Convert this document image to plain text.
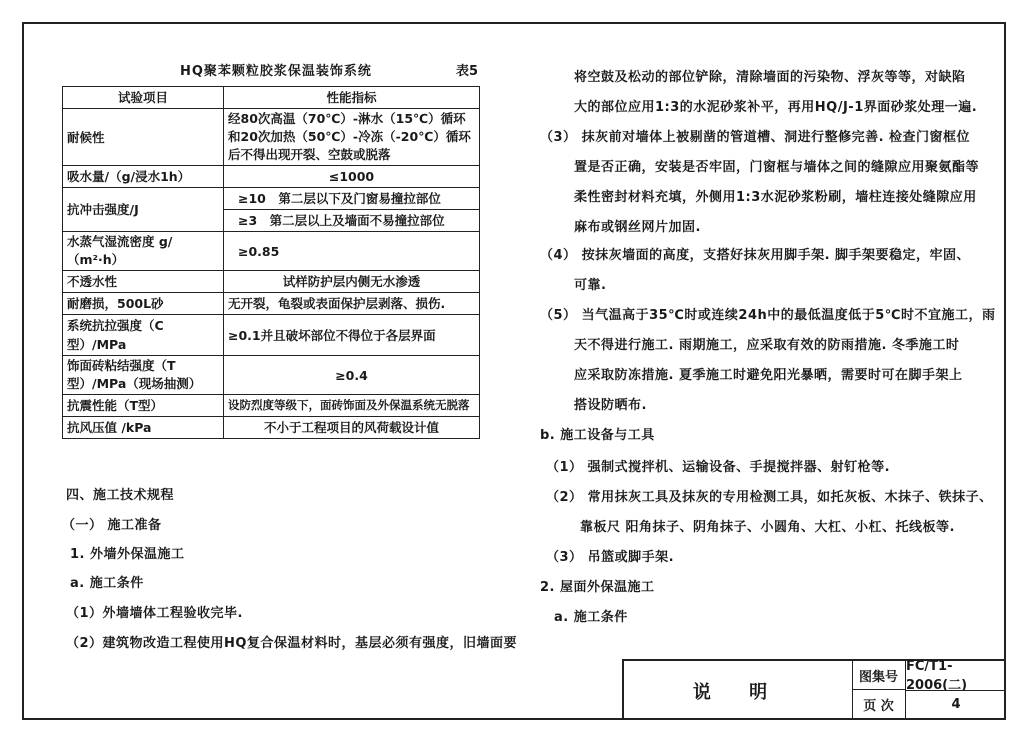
HQ聚苯颗粒胶浆保温装饰系统	表5
试验项目	性能指标
耐候性	经80次高温（70℃）-淋水（15℃）循环和20次加热（50℃）-冷冻（-20℃）循环后不得出现开裂、空鼓或脱落
吸水量/（g/浸水1h）	≤1000
抗冲击强度/J	≥10　第二层以下及门窗易撞拉部位
	≥3　第二层以上及墙面不易撞拉部位
水蒸气湿流密度 g/（m²·h）	≥0.85
不透水性	试样防护层内侧无水渗透
耐磨损，500L砂	无开裂，龟裂或表面保护层剥落、损伤.
系统抗拉强度（C型）/MPa	≥0.1并且破坏部位不得位于各层界面
饰面砖粘结强度（T型）/MPa（现场抽测）	≥0.4
抗震性能（T型）	设防烈度等级下，面砖饰面及外保温系统无脱落
抗风压值 /kPa	不小于工程项目的风荷载设计值
四、施工技术规程
（一） 施工准备
1. 外墙外保温施工
a. 施工条件
（1）外墙墙体工程验收完毕.
（2）建筑物改造工程使用HQ复合保温材料时，基层必须有强度，旧墙面要
将空鼓及松动的部位铲除，清除墙面的污染物、浮灰等等，对缺陷
大的部位应用1:3的水泥砂浆补平，再用HQ/J-1界面砂浆处理一遍.
（3） 抹灰前对墙体上被剔凿的管道槽、洞进行整修完善. 检查门窗框位
置是否正确，安装是否牢固，门窗框与墙体之间的缝隙应用聚氨酯等
柔性密封材料充填，外侧用1:3水泥砂浆粉刷，墙柱连接处缝隙应用
麻布或钢丝网片加固.
（4） 按抹灰墙面的高度，支搭好抹灰用脚手架. 脚手架要稳定，牢固、
可靠.
（5） 当气温高于35℃时或连续24h中的最低温度低于5℃时不宜施工，雨
天不得进行施工. 雨期施工，应采取有效的防雨措施. 冬季施工时
应采取防冻措施. 夏季施工时避免阳光暴晒，需要时可在脚手架上
搭设防晒布.
b. 施工设备与工具
（1） 强制式搅拌机、运输设备、手提搅拌器、射钉枪等.
（2） 常用抹灰工具及抹灰的专用检测工具，如托灰板、木抹子、铁抹子、
靠板尺 阳角抹子、阴角抹子、小圆角、大杠、小杠、托线板等.
（3） 吊篮或脚手架.
2. 屋面外保温施工
a. 施工条件
说 明
图集号
FC/T1-2006(二)
页 次	4
